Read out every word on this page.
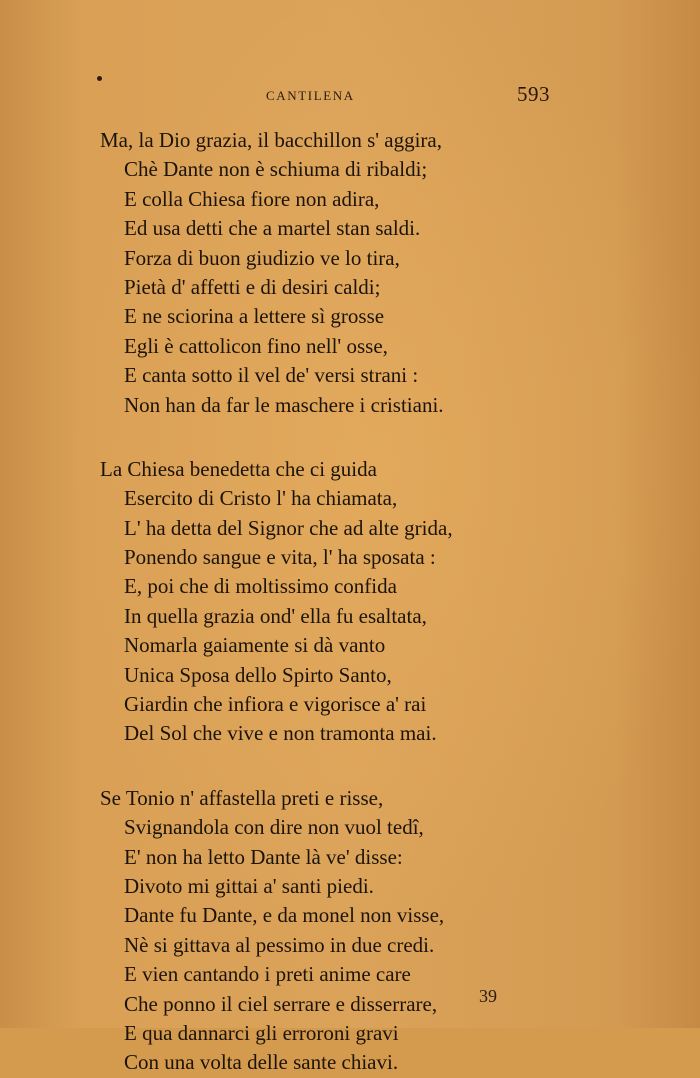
CANTILENA	593
Ma, la Dio grazia, il bacchillon s' aggira,
Chè Dante non è schiuma di ribaldi;
E colla Chiesa fiore non adira,
Ed usa detti che a martel stan saldi.
Forza di buon giudizio ve lo tira,
Pietà d' affetti e di desiri caldi;
E ne sciorina a lettere sì grosse
Egli è cattolicon fino nell' osse,
E canta sotto il vel de' versi strani :
Non han da far le maschere i cristiani.
La Chiesa benedetta che ci guida
Esercito di Cristo l' ha chiamata,
L' ha detta del Signor che ad alte grida,
Ponendo sangue e vita, l' ha sposata :
E, poi che di moltissimo confida
In quella grazia ond' ella fu esaltata,
Nomarla gaiamente si dà vanto
Unica Sposa dello Spirto Santo,
Giardin che infiora e vigorisce a' rai
Del Sol che vive e non tramonta mai.
Se Tonio n' affastella preti e risse,
Svignandola con dire non vuol tedî,
E' non ha letto Dante là ve' disse:
Divoto mi gittai a' santi piedi.
Dante fu Dante, e da monel non visse,
Nè si gittava al pessimo in due credi.
E vien cantando i preti anime care
Che ponno il ciel serrare e disserrare,
E qua dannarci gli erroroni gravi
Con una volta delle sante chiavi.
39
